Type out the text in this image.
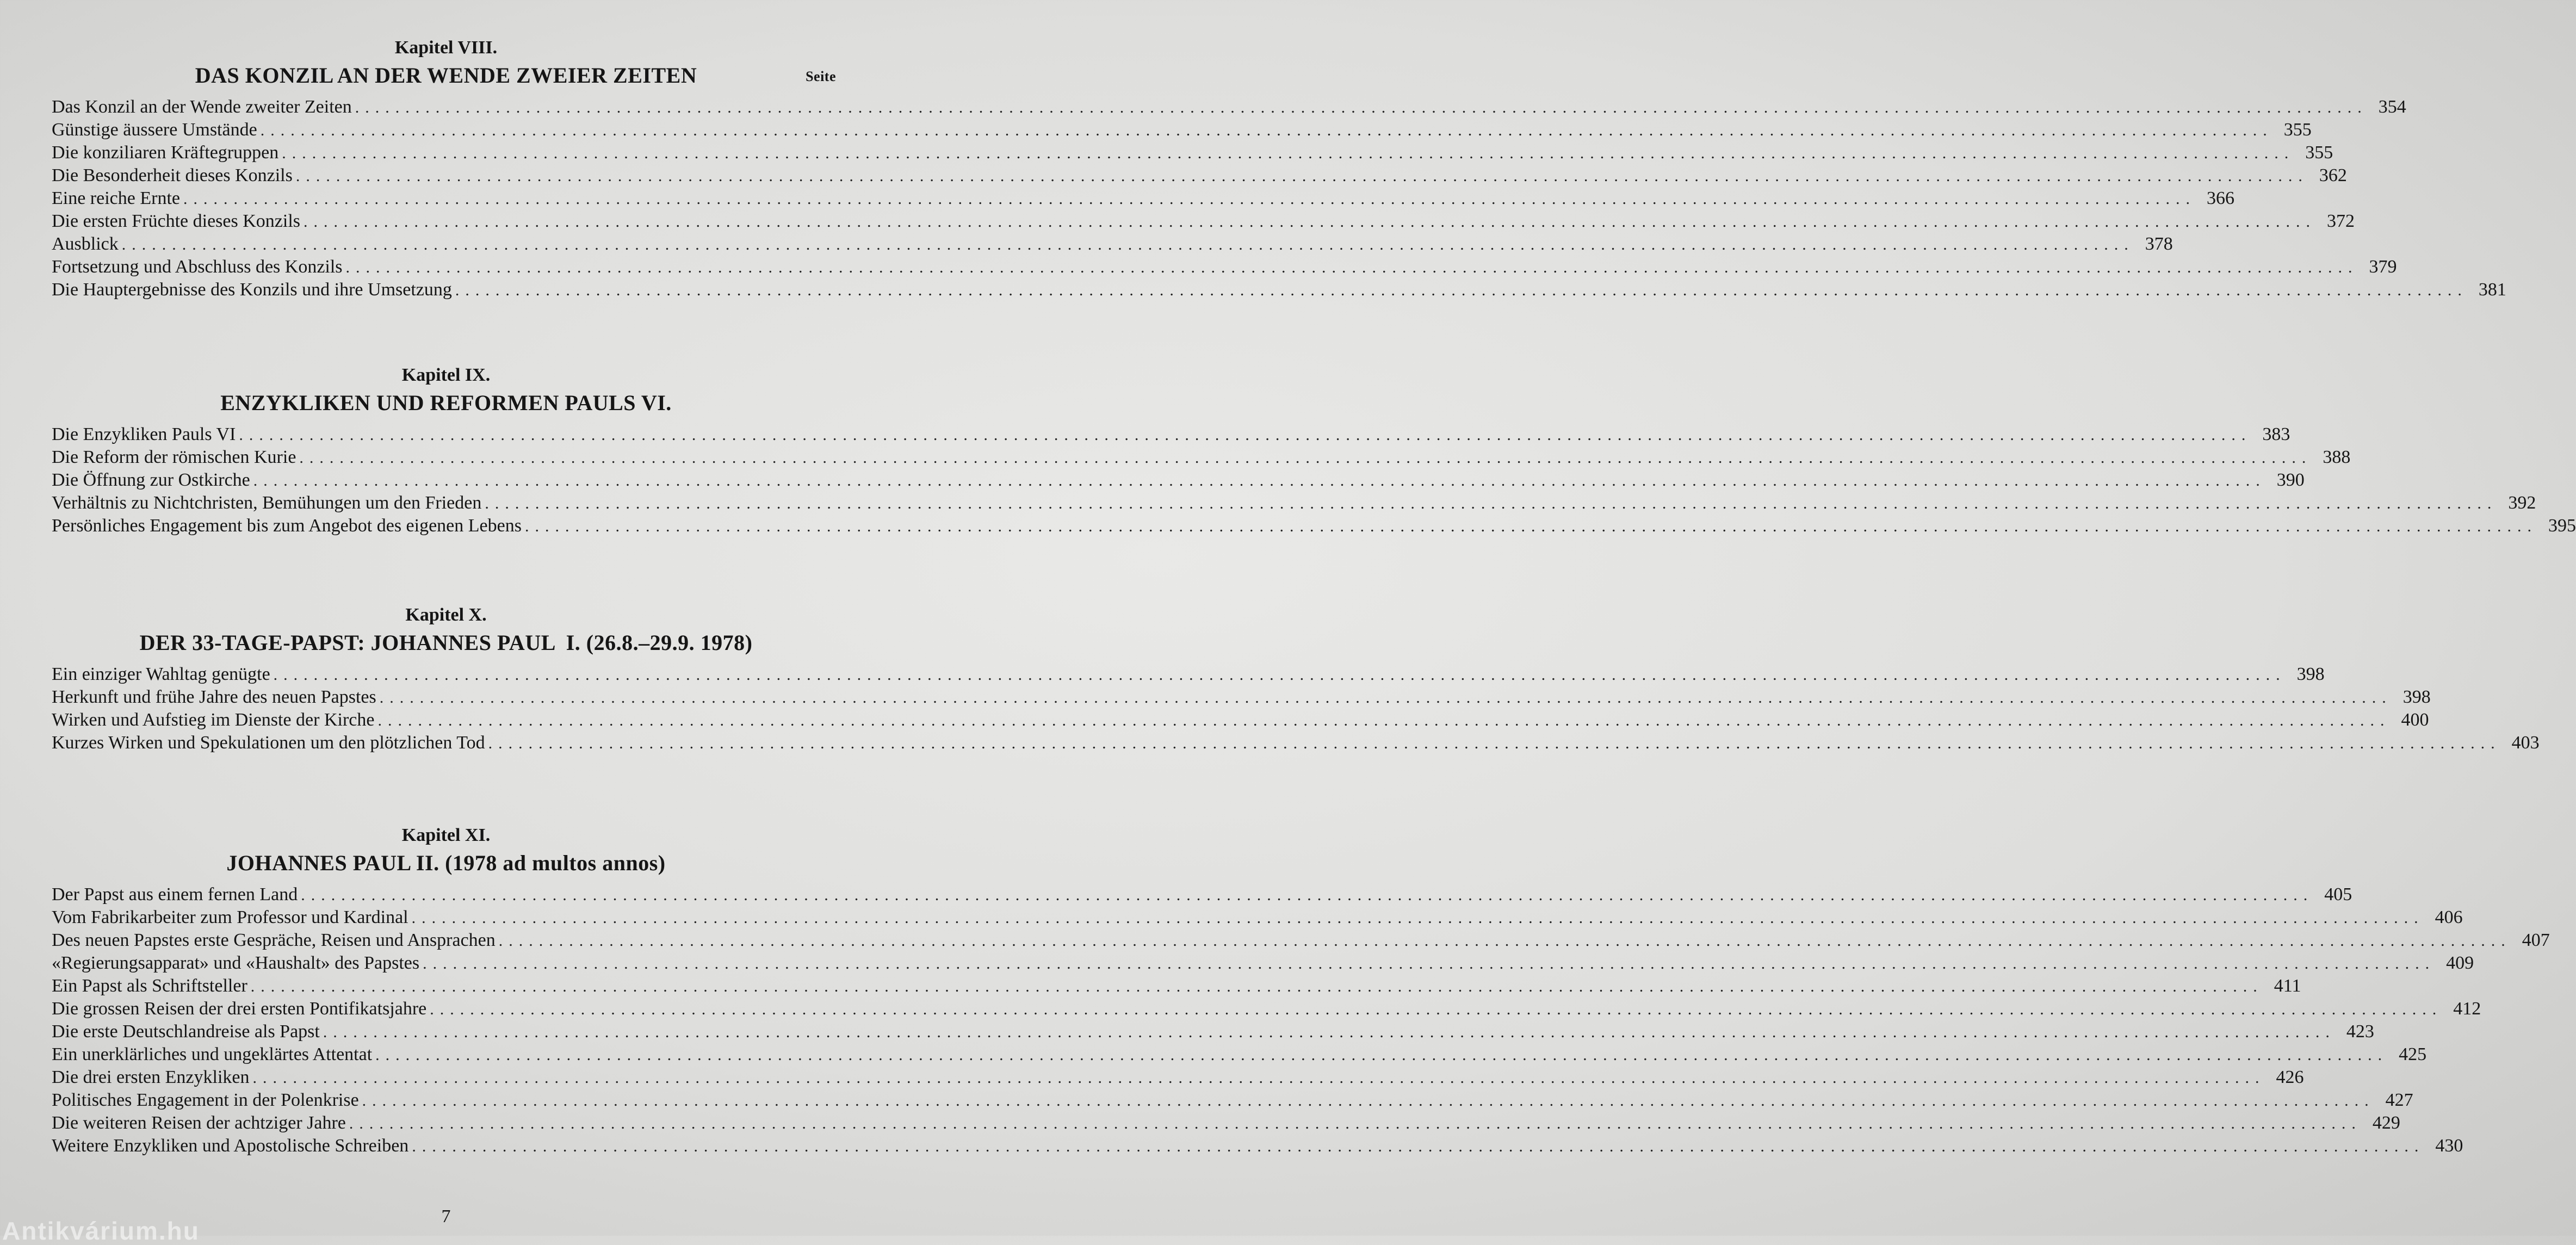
Kapitel VIII.
DAS KONZIL AN DER WENDE ZWEIER ZEITEN	Seite
Das Konzil an der Wende zweiter Zeiten ........................................................................................................................................................................................................ 354
Günstige äussere Umstände ........................................................................................................................................................................................................ 355
Die konziliaren Kräftegruppen ........................................................................................................................................................................................................ 355
Die Besonderheit dieses Konzils ........................................................................................................................................................................................................ 362
Eine reiche Ernte ........................................................................................................................................................................................................ 366
Die ersten Früchte dieses Konzils ........................................................................................................................................................................................................ 372
Ausblick ........................................................................................................................................................................................................ 378
Fortsetzung und Abschluss des Konzils ........................................................................................................................................................................................................ 379
Die Hauptergebnisse des Konzils und ihre Umsetzung ........................................................................................................................................................................................................ 381
Kapitel IX.
ENZYKLIKEN UND REFORMEN PAULS VI.
Die Enzykliken Pauls VI ........................................................................................................................................................................................................ 383
Die Reform der römischen Kurie ........................................................................................................................................................................................................ 388
Die Öffnung zur Ostkirche ........................................................................................................................................................................................................ 390
Verhältnis zu Nichtchristen, Bemühungen um den Frieden ........................................................................................................................................................................................................ 392
Persönliches Engagement bis zum Angebot des eigenen Lebens ........................................................................................................................................................................................................ 395
Kapitel X.
DER 33-TAGE-PAPST: JOHANNES PAUL  I. (26.8.–29.9. 1978)
Ein einziger Wahltag genügte ........................................................................................................................................................................................................ 398
Herkunft und frühe Jahre des neuen Papstes ........................................................................................................................................................................................................ 398
Wirken und Aufstieg im Dienste der Kirche ........................................................................................................................................................................................................ 400
Kurzes Wirken und Spekulationen um den plötzlichen Tod ........................................................................................................................................................................................................ 403
Kapitel XI.
JOHANNES PAUL II. (1978 ad multos annos)
Der Papst aus einem fernen Land ........................................................................................................................................................................................................ 405
Vom Fabrikarbeiter zum Professor und Kardinal ........................................................................................................................................................................................................ 406
Des neuen Papstes erste Gespräche, Reisen und Ansprachen ........................................................................................................................................................................................................ 407
«Regierungsapparat» und «Haushalt» des Papstes ........................................................................................................................................................................................................ 409
Ein Papst als Schriftsteller ........................................................................................................................................................................................................ 411
Die grossen Reisen der drei ersten Pontifikatsjahre ........................................................................................................................................................................................................ 412
Die erste Deutschlandreise als Papst ........................................................................................................................................................................................................ 423
Ein unerklärliches und ungeklärtes Attentat ........................................................................................................................................................................................................ 425
Die drei ersten Enzykliken ........................................................................................................................................................................................................ 426
Politisches Engagement in der Polenkrise ........................................................................................................................................................................................................ 427
Die weiteren Reisen der achtziger Jahre ........................................................................................................................................................................................................ 429
Weitere Enzykliken und Apostolische Schreiben ........................................................................................................................................................................................................ 430
7
Antikvárium.hu
